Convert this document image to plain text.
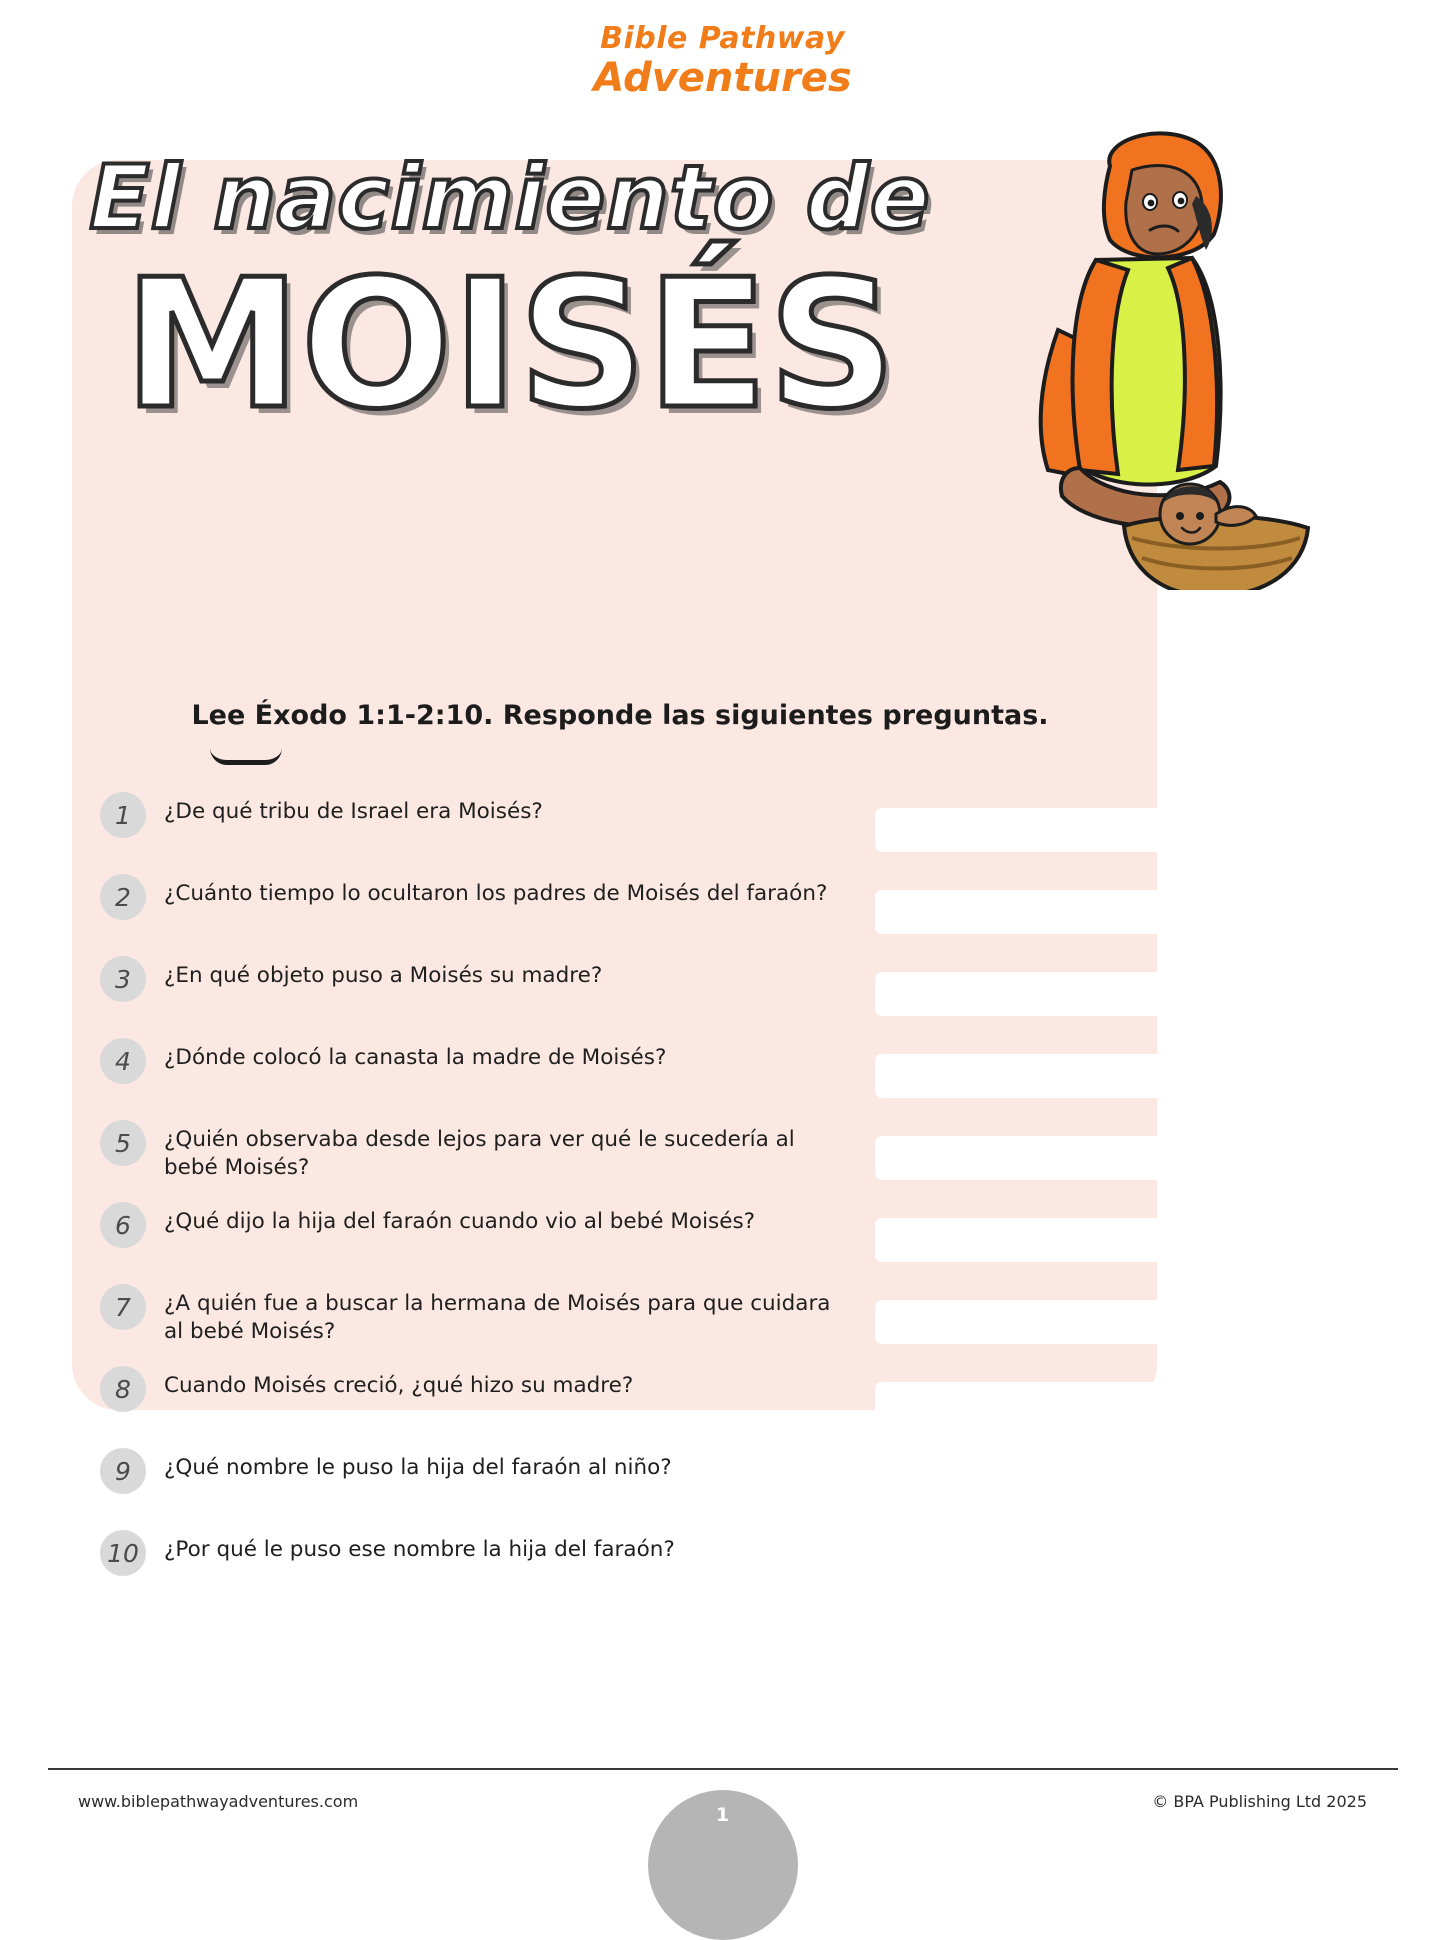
Bible Pathway
Adventures
El nacimiento de
MOISÉS
Lee Éxodo 1:1-2:10. Responde las siguientes preguntas.
1	¿De qué tribu de Israel era Moisés?
2	¿Cuánto tiempo lo ocultaron los padres de Moisés del faraón?
3	¿En qué objeto puso a Moisés su madre?
4	¿Dónde colocó la canasta la madre de Moisés?
5	¿Quién observaba desde lejos para ver qué le sucedería al bebé Moisés?
6	¿Qué dijo la hija del faraón cuando vio al bebé Moisés?
7	¿A quién fue a buscar la hermana de Moisés para que cuidara al bebé Moisés?
8	Cuando Moisés creció, ¿qué hizo su madre?
9	¿Qué nombre le puso la hija del faraón al niño?
10	¿Por qué le puso ese nombre la hija del faraón?
www.biblepathwayadventures.com	© BPA Publishing Ltd 2025
1
